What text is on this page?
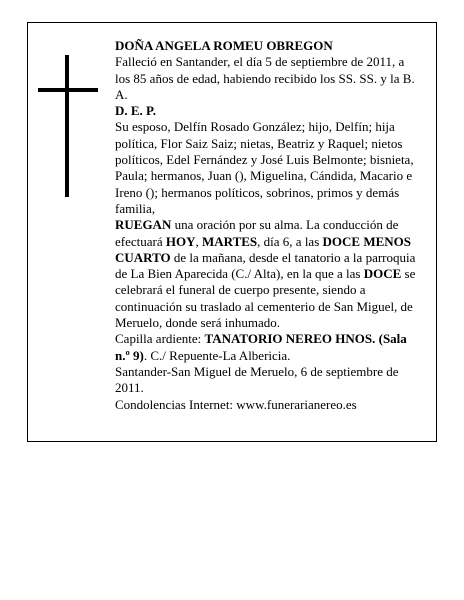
DOÑA ANGELA ROMEU OBREGON

Falleció en Santander, el día 5 de septiembre de 2011, a los 85 años de edad, habiendo recibido los SS. SS. y la B. A.

D. E. P.

Su esposo, Delfín Rosado González; hijo, Delfín; hija política, Flor Saiz Saiz; nietas, Beatriz y Raquel; nietos políticos, Edel Fernández y José Luis Belmonte; bisnieta, Paula; hermanos, Juan (), Miguelina, Cándida, Macario e Ireno (); hermanos políticos, sobrinos, primos y demás familia,

RUEGAN una oración por su alma. La conducción de efectuará HOY, MARTES, día 6, a las DOCE MENOS CUARTO de la mañana, desde el tanatorio a la parroquia de La Bien Aparecida (C./ Alta), en la que a las DOCE se celebrará el funeral de cuerpo presente, siendo a continuación su traslado al cementerio de San Miguel, de Meruelo, donde será inhumado.

Capilla ardiente: TANATORIO NEREO HNOS. (Sala n.º 9). C./ Repuente-La Albericia.

Santander-San Miguel de Meruelo, 6 de septiembre de 2011.

Condolencias Internet: www.funerarianereo.es
